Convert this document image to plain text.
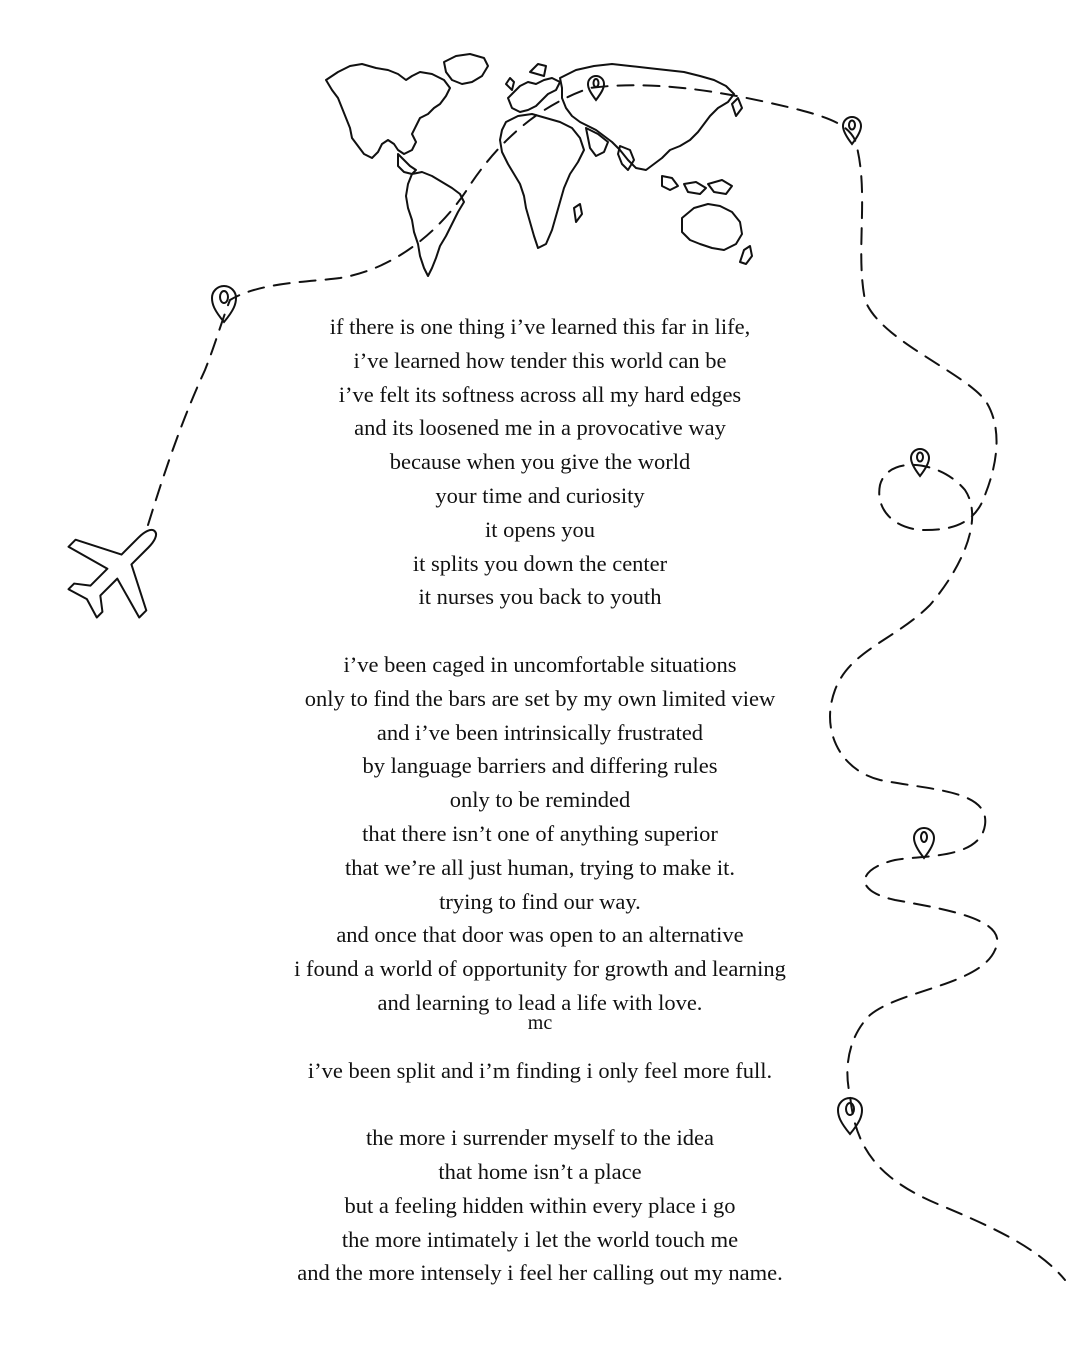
if there is one thing i’ve learned this far in life,
i’ve learned how tender this world can be
i’ve felt its softness across all my hard edges
and its loosened me in a provocative way
because when you give the world
your time and curiosity
it opens you
it splits you down the center
it nurses you back to youth
i’ve been caged in uncomfortable situations
only to find the bars are set by my own limited view
and i’ve been intrinsically frustrated
by language barriers and differing rules
only to be reminded
that there isn’t one of anything superior
that we’re all just human, trying to make it.
trying to find our way.
and once that door was open to an alternative
i found a world of opportunity for growth and learning
and learning to lead a life with love.
i’ve been split and i’m finding i only feel more full.
the more i surrender myself to the idea
that home isn’t a place
but a feeling hidden within every place i go
the more intimately i let the world touch me
and the more intensely i feel her calling out my name.
mc
